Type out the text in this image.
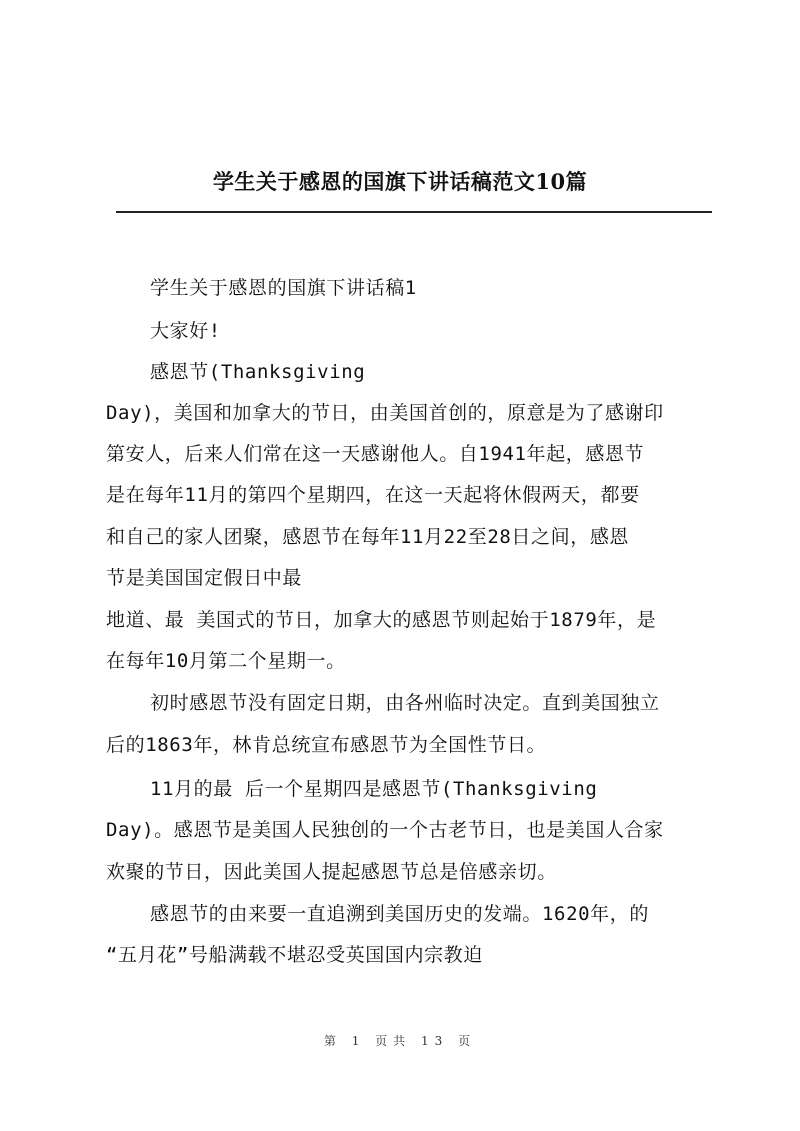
学生关于感恩的国旗下讲话稿范文10篇
学生关于感恩的国旗下讲话稿1
大家好!
感恩节(Thanksgiving
Day)，美国和加拿大的节日，由美国首创的，原意是为了感谢印
第安人，后来人们常在这一天感谢他人。自1941年起，感恩节
是在每年11月的第四个星期四，在这一天起将休假两天，都要
和自己的家人团聚，感恩节在每年11月22至28日之间，感恩
节是美国国定假日中最
地道、最 美国式的节日，加拿大的感恩节则起始于1879年，是
在每年10月第二个星期一。
初时感恩节没有固定日期，由各州临时决定。直到美国独立
后的1863年，林肯总统宣布感恩节为全国性节日。
11月的最 后一个星期四是感恩节(Thanksgiving
Day)。感恩节是美国人民独创的一个古老节日，也是美国人合家
欢聚的节日，因此美国人提起感恩节总是倍感亲切。
感恩节的由来要一直追溯到美国历史的发端。1620年，的
“五月花”号船满载不堪忍受英国国内宗教迫
第 1 页共 13 页
